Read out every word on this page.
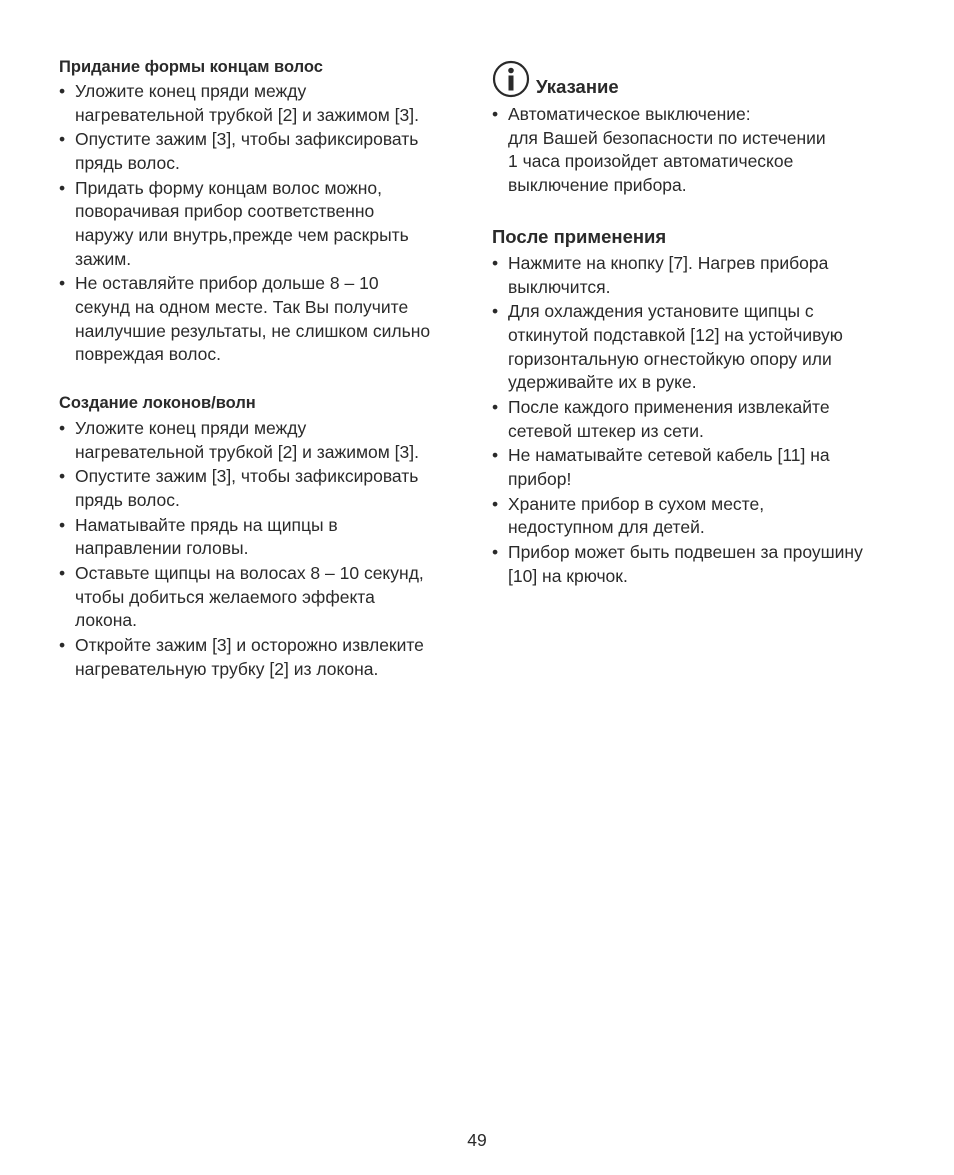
Придание формы концам волос
• Уложите конец пряди между
нагревательной трубкой [2] и зажимом [3].
• Опустите зажим [3], чтобы зафиксировать
прядь волос.
• Придать форму концам волос можно,
поворачивая прибор соответственно
наружу или внутрь,прежде чем раскрыть
зажим.
• Не оставляйте прибор дольше 8 – 10
секунд на одном месте. Так Вы получите
наилучшие результаты, не слишком сильно
повреждая волос.
Создание локонов/волн
• Уложите конец пряди между
нагревательной трубкой [2] и зажимом [3].
• Опустите зажим [3], чтобы зафиксировать
прядь волос.
• Наматывайте прядь на щипцы в
направлении головы.
• Оставьте щипцы на волосах 8 – 10 секунд,
чтобы добиться желаемого эффекта
локона.
• Откройте зажим [3] и осторожно извлеките
нагревательную трубку [2] из локона.
Указание
• Автоматическое выключение:
для Вашей безопасности по истечении
1 часа произойдет автоматическое
выключение прибора.
После применения
• Нажмите на кнопку [7]. Нагрев прибора
выключится.
• Для охлаждения установите щипцы с
откинутой подставкой [12] на устойчивую
горизонтальную огнестойкую опору или
удерживайте их в руке.
• После каждого применения извлекайте
сетевой штекер из сети.
• Не наматывайте сетевой кабель [11] на
прибор!
• Храните прибор в сухом месте,
недоступном для детей.
• Прибор может быть подвешен за проушину
[10] на крючок.
49
